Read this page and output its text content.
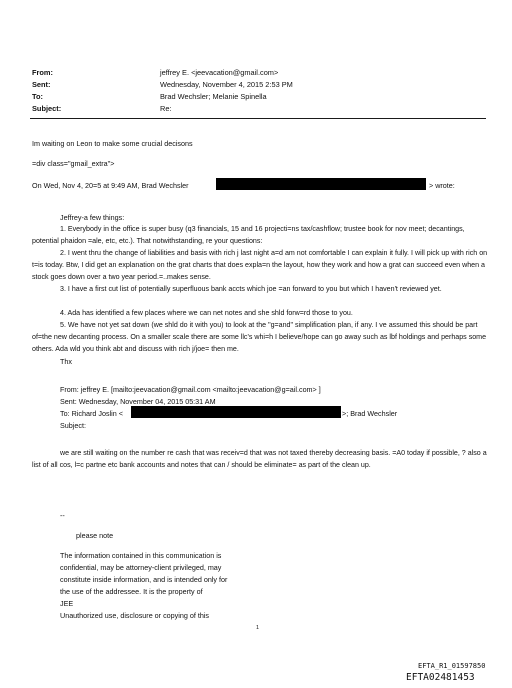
From:	jeffrey E. <jeevacation@gmail.com>
Sent:	Wednesday, November 4, 2015 2:53 PM
To:	Brad Wechsler; Melanie Spinella
Subject:	Re:
Im waiting on Leon to make some crucial decisons
=div class="gmail_extra">
On Wed, Nov 4, 20=5 at 9:49 AM, Brad Wechsler	> wrote:
Jeffrey-a few things:
1. Everybody in the office is super busy (q3 financials, 15 and 16 projecti=ns tax/cashflow; trustee book for nov meet; decantings, potential phaidon =ale, etc, etc.). That notwithstanding, re your questions:
2. I went thru the change of liabilities and basis with rich j last night a=d am not comfortable I can explain it fully. I will pick up with rich on t=is today. Btw, I did get an explanation on the grat charts that does expla=n the layout, how they work and how a grat can succeed even when a stock goes down over a two year period.=..makes sense.
3. I have a first cut list of potentially superfluous bank accts which joe =an forward to you but which I haven't reviewed yet.
4. Ada has identified a few places where we can net notes and she shld forw=rd those to you.
5. We have not yet sat down (we shld do it with you) to look at the "g=and" simplification plan, if any. I ve assumed this should be part of=the new decanting process. On a smaller scale there are some llc's whi=h I believe/hope can go away such as lbf holdings and perhaps some others. Ada wld you think abt and discuss with rich j/joe= then me.
Thx
From: jeffrey E. [mailto:jeevacation@gmail.com <mailto:jeevacation@g=ail.com> ]
Sent: Wednesday, November 04, 2015 05:31 AM
To: Richard Joslin <	>; Brad Wechsler
Subject:
we are still waiting on the number re cash that was receiv=d that was not taxed thereby decreasing basis. =A0 today if possible, ? also a list of all cos, l=c partne etc bank accounts and notes that can / should be eliminate= as part of the clean up.
--
please note
The information contained in this communication is
confidential, may be attorney-client privileged, may
constitute inside information, and is intended only for
the use of the addressee. It is the property of
JEE
Unauthorized use, disclosure or copying of this
1
EFTA_R1_01597850
EFTA02481453
